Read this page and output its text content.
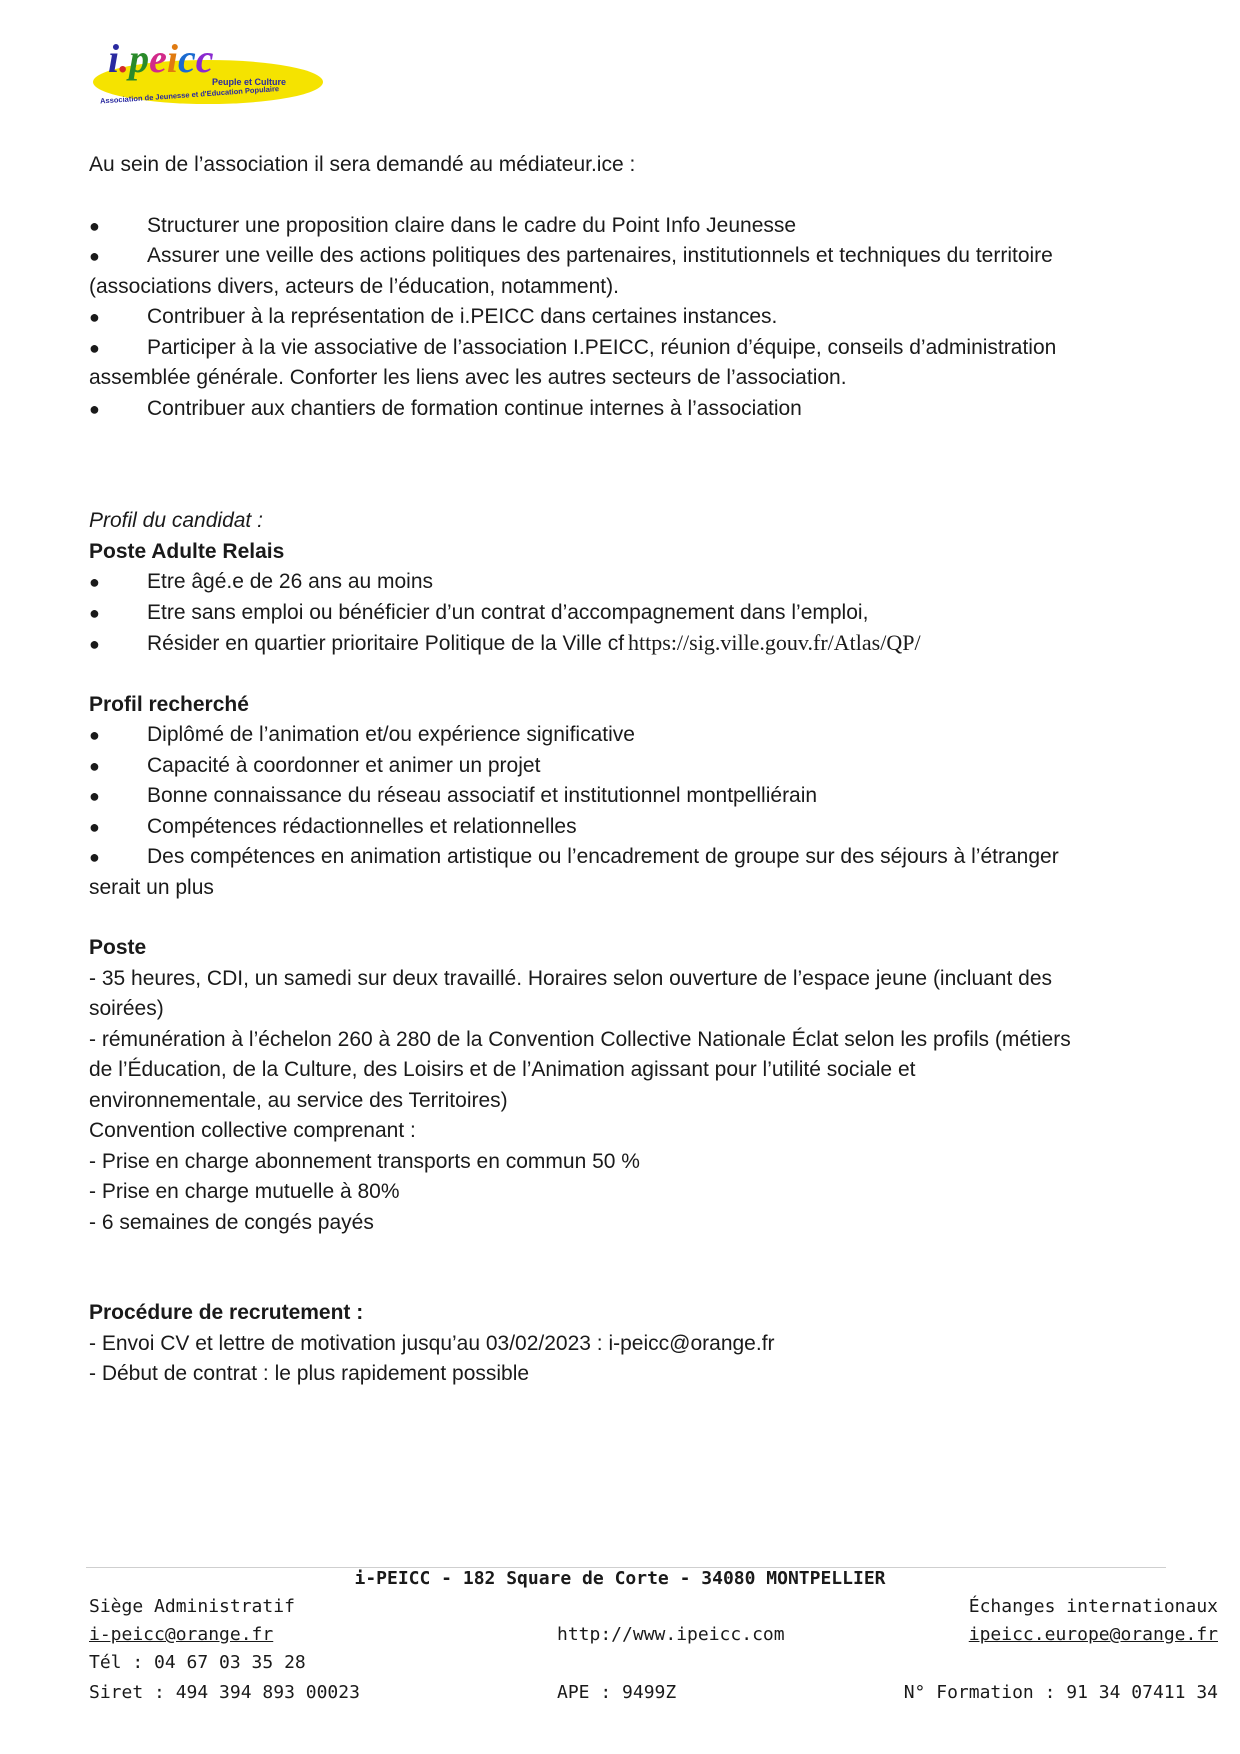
i.peicc
Peuple et Culture
Association de Jeunesse et d'Education Populaire

Au sein de l’association il sera demandé au médiateur.ice :

● Structurer une proposition claire dans le cadre du Point Info Jeunesse

● Assurer une veille des actions politiques des partenaires, institutionnels et techniques du territoire

(associations divers, acteurs de l’éducation, notamment).

● Contribuer à la représentation de i.PEICC dans certaines instances.

● Participer à la vie associative de l’association I.PEICC, réunion d’équipe, conseils d’administration

assemblée générale. Conforter les liens avec les autres secteurs de l’association.

● Contribuer aux chantiers de formation continue internes à l’association

Profil du candidat :

Poste Adulte Relais

● Etre âgé.e de 26 ans au moins

● Etre sans emploi ou bénéficier d’un contrat d’accompagnement dans l’emploi,

● Résider en quartier prioritaire Politique de la Ville cf https://sig.ville.gouv.fr/Atlas/QP/

Profil recherché

● Diplômé de l’animation et/ou expérience significative

● Capacité à coordonner et animer un projet

● Bonne connaissance du réseau associatif et institutionnel montpelliérain

● Compétences rédactionnelles et relationnelles

● Des compétences en animation artistique ou l’encadrement de groupe sur des séjours à l’étranger

serait un plus

Poste

- 35 heures, CDI, un samedi sur deux travaillé. Horaires selon ouverture de l’espace jeune (incluant des

soirées)

- rémunération à l’échelon 260 à 280 de la Convention Collective Nationale Éclat selon les profils (métiers

de l’Éducation, de la Culture, des Loisirs et de l’Animation agissant pour l’utilité sociale et

environnementale, au service des Territoires)

Convention collective comprenant :

- Prise en charge abonnement transports en commun 50 %

- Prise en charge mutuelle à 80%

- 6 semaines de congés payés

Procédure de recrutement :

- Envoi CV et lettre de motivation jusqu’au 03/02/2023 : i-peicc@orange.fr

- Début de contrat : le plus rapidement possible

i-PEICC - 182 Square de Corte - 34080 MONTPELLIER
Siège Administratif
i-peicc@orange.fr
Tél : 04 67 03 35 28
Siret : 494 394 893 00023
http://www.ipeicc.com
APE : 9499Z
Échanges internationaux
ipeicc.europe@orange.fr
N° Formation : 91 34 07411 34
